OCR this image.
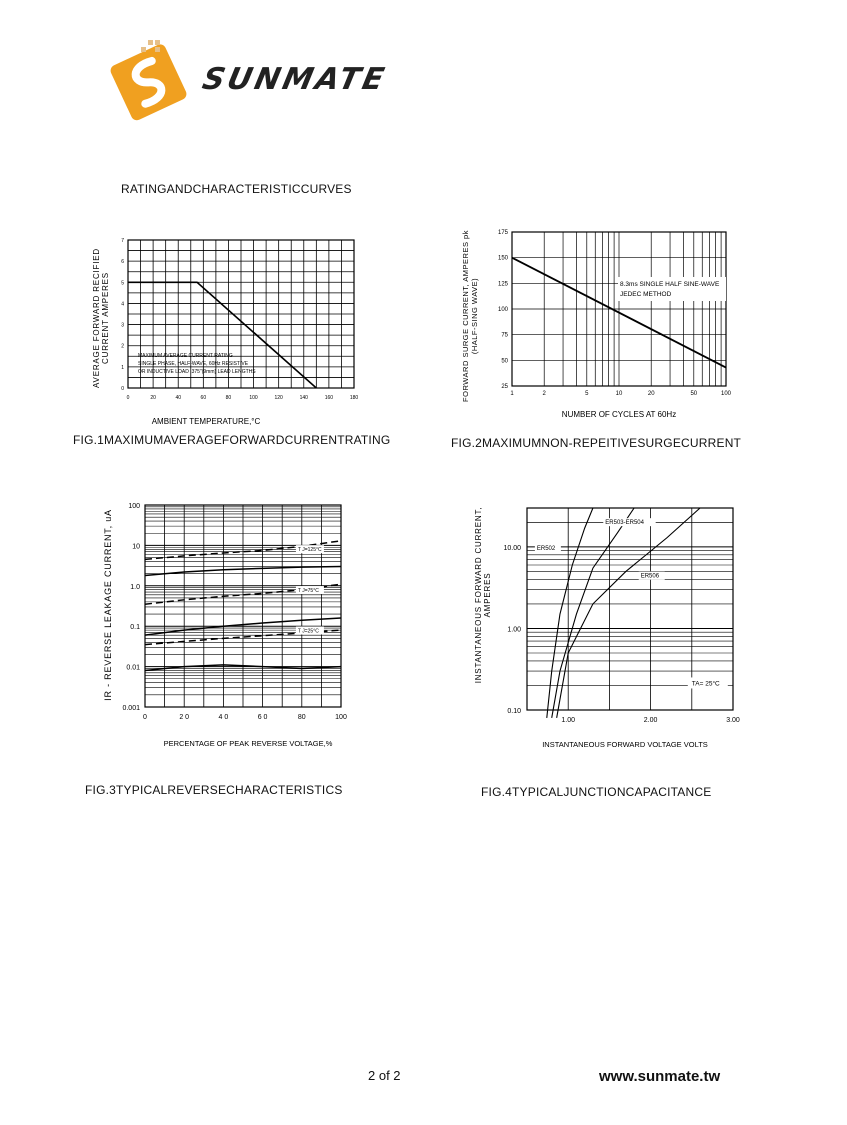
SUNMATE
RATINGANDCHARACTERISTICCURVES
MAXIMUM AVERAGE CURRENT RATING
SINGLE PHASE, HALF-WAVE, 60Hz RESISTIVE
OR INDUCTIVE LOAD .375"(9mm) LEAD LENGTHS
AVERAGE FORWARD RECIFIED CURRENT AMPERES
AMBIENT TEMPERATURE,°C
0	20	40	60	80	100	120	140	160	180
0
1
2
3
4
5
6
7
FIG.1MAXIMUMAVERAGEFORWARDCURRENTRATING
8.3ms SINGLE HALF SINE-WAVE
JEDEC METHOD
FORWARD SURGE CURRENT, AMPERES pk (HALF-SING WAVE)
NUMBER OF CYCLES AT 60Hz
1	2	5	10	20	50	100
25
50
75
100
125
150
175
FIG.2MAXIMUMNON-REPEITIVESURGECURRENT
IR - REVERSE LEAKAGE CURRENT, uA
PERCENTAGE OF PEAK REVERSE VOLTAGE,%
0	2 0	4 0	6 0	80	100
0.001
0.01
0.1
1.0
10
100
T J=125°C
T J=75°C
T J=25°C
FIG.3TYPICALREVERSECHARACTERISTICS
INSTANTANEOUS FORWARD CURRENT, AMPERES
INSTANTANEOUS FORWARD VOLTAGE VOLTS
1.00	2.00	3.00
0.10
1.00
10.00	ER502
ER503-ER504
ER506
TA= 25°C
FIG.4TYPICALJUNCTIONCAPACITANCE
2 of 2	www.sunmate.tw
